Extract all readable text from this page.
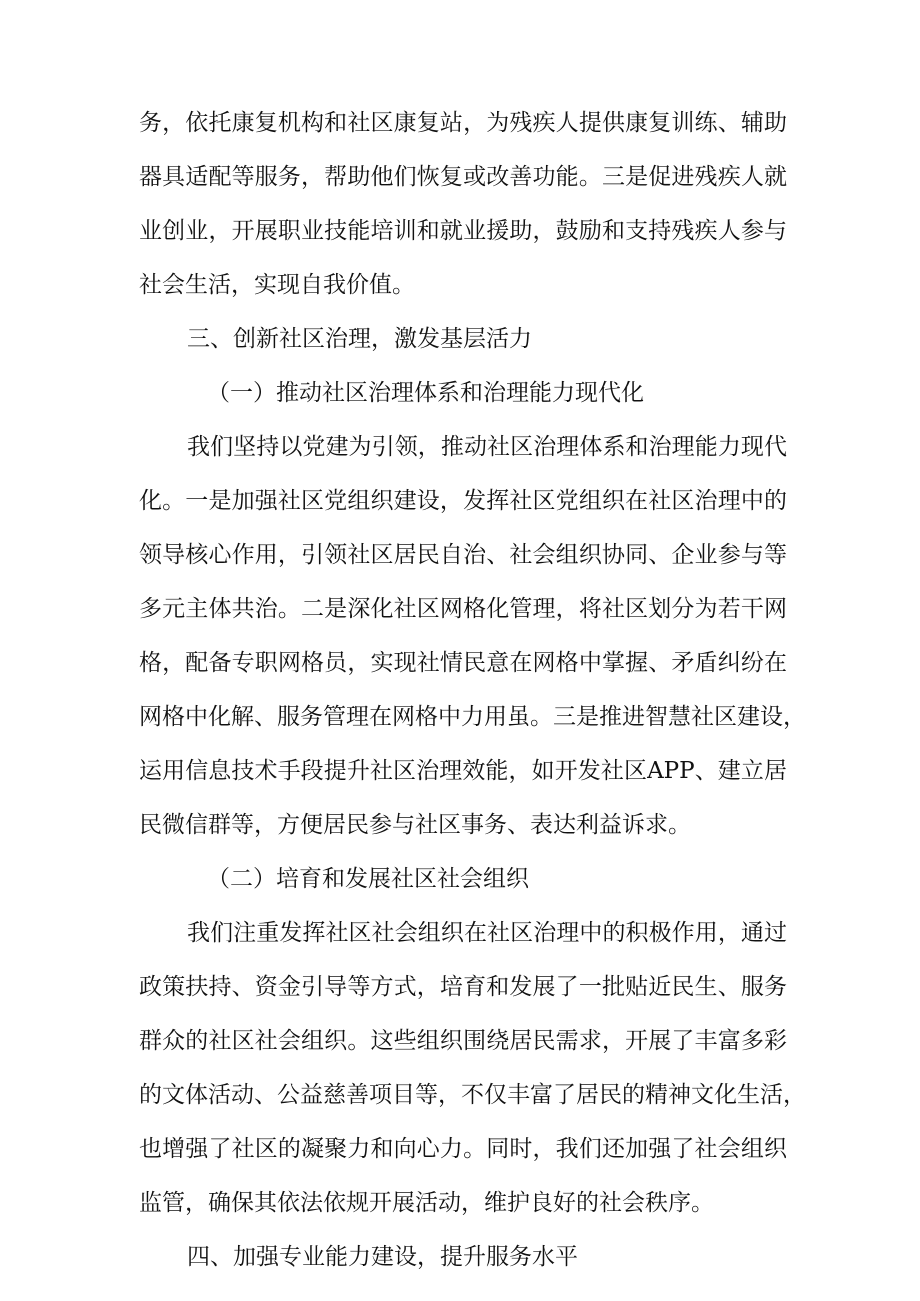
务，依托康复机构和社区康复站，为残疾人提供康复训练、辅助
器具适配等服务，帮助他们恢复或改善功能。三是促进残疾人就
业创业，开展职业技能培训和就业援助，鼓励和支持残疾人参与
社会生活，实现自我价值。
三、创新社区治理，激发基层活力
（一）推动社区治理体系和治理能力现代化
我们坚持以党建为引领，推动社区治理体系和治理能力现代
化。一是加强社区党组织建设，发挥社区党组织在社区治理中的
领导核心作用，引领社区居民自治、社会组织协同、企业参与等
多元主体共治。二是深化社区网格化管理，将社区划分为若干网
格，配备专职网格员，实现社情民意在网格中掌握、矛盾纠纷在
网格中化解、服务管理在网格中力用虽。三是推进智慧社区建设，
运用信息技术手段提升社区治理效能，如开发社区APP、建立居
民微信群等，方便居民参与社区事务、表达利益诉求。
（二）培育和发展社区社会组织
我们注重发挥社区社会组织在社区治理中的积极作用，通过
政策扶持、资金引导等方式，培育和发展了一批贴近民生、服务
群众的社区社会组织。这些组织围绕居民需求，开展了丰富多彩
的文体活动、公益慈善项目等，不仅丰富了居民的精神文化生活，
也增强了社区的凝聚力和向心力。同时，我们还加强了社会组织
监管，确保其依法依规开展活动，维护良好的社会秩序。
四、加强专业能力建设，提升服务水平
